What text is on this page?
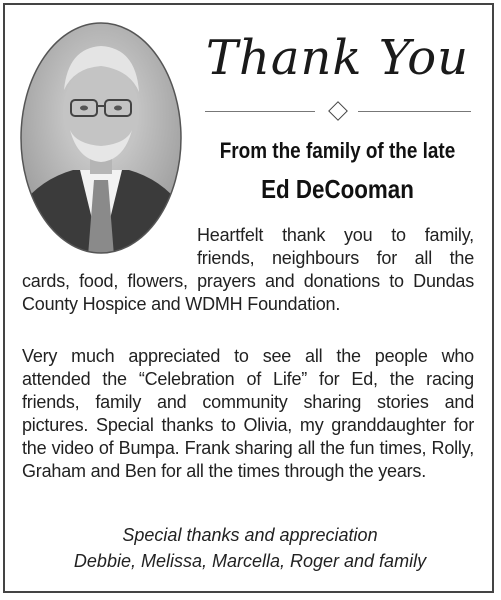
Thank You
From the family of the late
Ed DeCooman
Heartfelt thank you to family, friends, neighbours for all the cards, food, flowers, prayers and donations to Dundas County Hospice and WDMH Foundation.
Very much appreciated to see all the people who attended the “Celebration of Life” for Ed, the racing friends, family and community sharing stories and pictures. Special thanks to Olivia, my granddaughter for the video of Bumpa. Frank sharing all the fun times, Rolly, Graham and Ben for all the times through the years.
Special thanks and appreciation
Debbie, Melissa, Marcella, Roger and family
